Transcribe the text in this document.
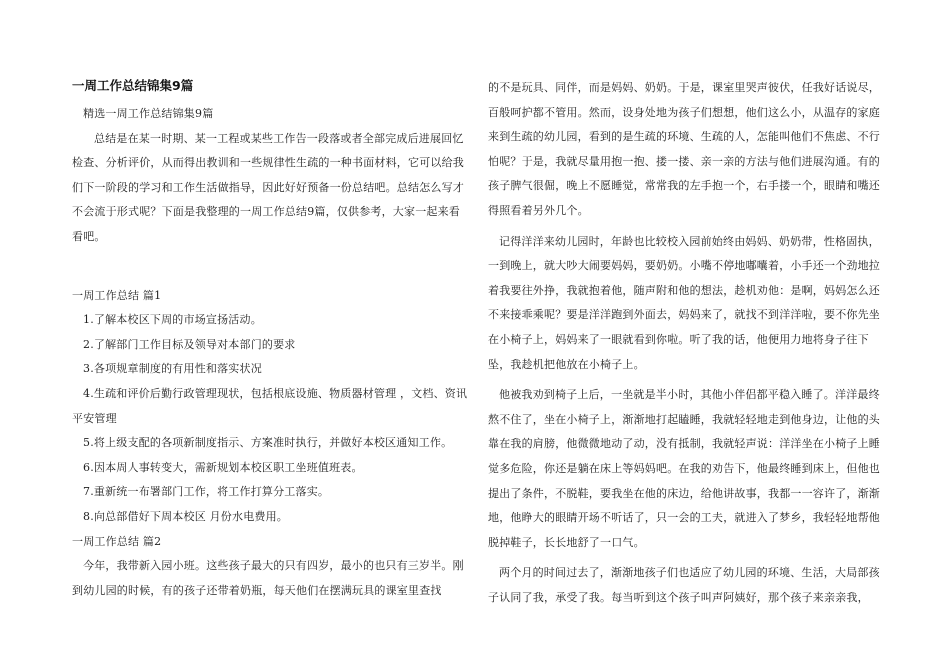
一周工作总结锦集9篇

精选一周工作总结锦集9篇

总结是在某一时期、某一工程或某些工作告一段落或者全部完成后进展回忆检查、分析评价，从而得出教训和一些规律性生疏的一种书面材料，它可以给我们下一阶段的学习和工作生活做指导，因此好好预备一份总结吧。总结怎么写才不会流于形式呢？下面是我整理的一周工作总结9篇，仅供参考，大家一起来看看吧。

一周工作总结 篇1

1.了解本校区下周的市场宣扬活动。

2.了解部门工作目标及领导对本部门的要求

3.各项规章制度的有用性和落实状况

4.生疏和评价后勤行政管理现状，包括根底设施、物质器材管理 ，文档、资讯平安管理

5.将上级支配的各项新制度指示、方案准时执行，并做好本校区通知工作。

6.因本周人事转变大，需新规划本校区职工坐班值班表。

7.重新统一布署部门工作，将工作打算分工落实。

8.向总部借好下周本校区 月份水电费用。

一周工作总结 篇2

今年，我带新入园小班。这些孩子最大的只有四岁，最小的也只有三岁半。刚到幼儿园的时候，有的孩子还带着奶瓶，每天他们在摆满玩具的课室里查找

的不是玩具、同伴，而是妈妈、奶奶。于是，课室里哭声彼伏，任我好话说尽，百般呵护都不管用。然而，设身处地为孩子们想想，他们这么小，从温存的家庭来到生疏的幼儿园，看到的是生疏的环境、生疏的人，怎能叫他们不焦虑、不行怕呢？于是，我就尽量用抱一抱、搂一搂、亲一亲的方法与他们进展沟通。有的孩子脾气很倔，晚上不愿睡觉，常常我的左手抱一个，右手搂一个，眼睛和嘴还得照看着另外几个。

记得洋洋来幼儿园时，年龄也比较校入园前始终由妈妈、奶奶带，性格固执，一到晚上，就大吵大闹要妈妈，要奶奶。小嘴不停地嘟囔着，小手还一个劲地拉着我要往外挣，我就抱着他，随声附和他的想法，趁机劝他：是啊，妈妈怎么还不来接乖乘呢？要是洋洋跑到外面去，妈妈来了，就找不到洋洋啦，要不你先坐在小椅子上，妈妈来了一眼就看到你啦。听了我的话，他便用力地将身子往下坠，我趁机把他放在小椅子上。

他被我劝到椅子上后，一坐就是半小时，其他小伴侣都平稳入睡了。洋洋最终熬不住了，坐在小椅子上，渐渐地打起瞌睡，我就轻轻地走到他身边，让他的头靠在我的肩膀，他微微地动了动，没有抵制，我就轻声说：洋洋坐在小椅子上睡觉多危险，你还是躺在床上等妈妈吧。在我的劝告下，他最终睡到床上，但他也提出了条件，不脱鞋，要我坐在他的床边，给他讲故事，我都一一容许了，渐渐地，他睁大的眼睛开场不听话了，只一会的工夫，就进入了梦乡，我轻轻地帮他脱掉鞋子，长长地舒了一口气。

两个月的时间过去了，渐渐地孩子们也适应了幼儿园的环境、生活，大局部孩子认同了我，承受了我。每当听到这个孩子叫声阿姨好，那个孩子来亲亲我，
